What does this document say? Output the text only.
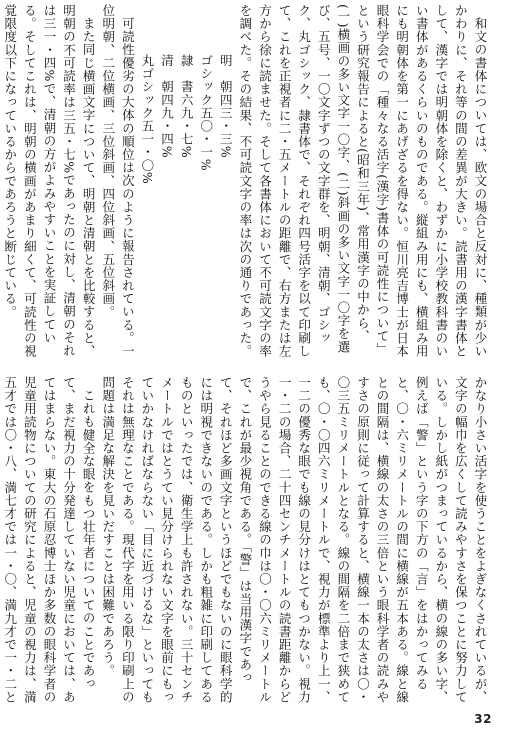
和文の書体については、欧文の場合と反対に、種類が少いかわりに、それ等の間の差異が大きい。読書用の漢字書体として、漢字では明朝体を除くと、わずかに小学校教科書のいい書体があるくらいのものである。縦組み用にも、横組み用にも明朝体を第一にあげざるを得ない。恒川亮吉博士が日本眼科学会での「種々なる活字(漢字)書体の可読性について」という研究報告によると(昭和三年)、常用漢字の中から、(一)横画の多い文字一〇字、(二)斜画の多い文字一〇字を選び、五号、一〇文字ずつの文字群を、明朝、清朝、ゴシック、丸ゴシック、隷書体で、それぞれ四号活字を以て印刷して、これを正視者に二・五メートルの距離で、右方または左方から徐に読ませた。そして各書体において不可読文字の率を調べた。その結果、不可読文字の率は次の通りであった。

明　朝四三・三%
ゴシック五〇・一%
隷　書六九・七%
清　朝四九・四%
丸ゴシック五一・〇%

可読性優劣の大体の順位は次のように報告されている。一位明朝、二位横画、三位斜画、四位斜画、五位斜画。

また同じ横画文字について、明朝と清朝とを比較すると、明朝の不可読率は三五・七%であったのに対し、清朝のそれは三一・四%で、清朝の方がよみやすいことを実証している。そしてこれは、明朝の横画があまり細くて、可読性の視覚限度以下になっているからであろうと断じている。

かなり小さい活字を使うことをよぎなくされているが、文字の幅巾を広くして読みやすさを保つことに努力している。しかし紙がつまっているから、横の線の多い字、例えば「警」という字の下方の「言」をはかってみると、〇・六ミリメートルの間に横線が五本ある。線と線との間隔は、横線の太さの三倍という眼科学者の読みやすさの原則に従って計算すると、横線一本の太さは〇・〇三五ミリメートルとなる。線の間隔を二倍まで狭めても、〇・〇四六ミリメートルで、視力が標準より上一、一二の優秀な眼でも線の見分けはとてもつかない。視力一・二の場合、二十四センチメートルの読書距離からどうやら見ることのできる線の巾は〇・〇六ミリメートルで、これが最少視角である。「警」は当用漢字であって、それほど多画文字というほどでもないのに眼科学的には明視できないのである。しかも粗雑に印刷してあるものといったでは、衛生学上も許されない。三十センチメートルではとうてい見分けられない文字を眼前にもっていかなければならない「目に近づけるな」といってもそれは無理なことである。現代字を用いる限り印刷上の問題は満足な解決を見いだすことは困難であろう。

これも健全な眼をもつ壮年者についてのことであって、まだ視力の十分発達していない児童においては、あてはまらない。東大の石原忍博士ほか多数の眼科学者の児童用読物についての研究によると、児童の視力は、満五才では〇・八、満七才では一・〇、満九才で一・二と

32
